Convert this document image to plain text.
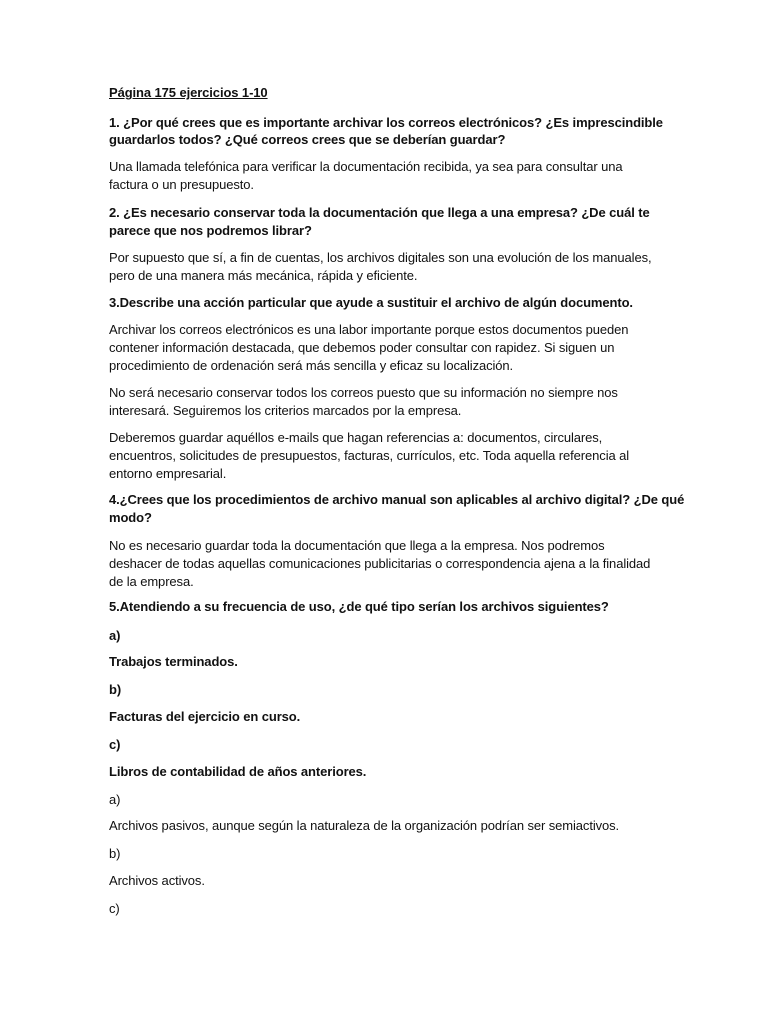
Página 175 ejercicios 1-10
1. ¿Por qué crees que es importante archivar los correos electrónicos? ¿Es imprescindible
guardarlos todos? ¿Qué correos crees que se deberían guardar?
Una llamada telefónica para verificar la documentación recibida, ya sea para consultar una
factura o un presupuesto.
2. ¿Es necesario conservar toda la documentación que llega a una empresa? ¿De cuál te
parece que nos podremos librar?
Por supuesto que sí, a fin de cuentas, los archivos digitales son una evolución de los manuales,
pero de una manera más mecánica, rápida y eficiente.
3.Describe una acción particular que ayude a sustituir el archivo de algún documento.
Archivar los correos electrónicos es una labor importante porque estos documentos pueden
contener información destacada, que debemos poder consultar con rapidez. Si siguen un
procedimiento de ordenación será más sencilla y eficaz su localización.
No será necesario conservar todos los correos puesto que su información no siempre nos
interesará. Seguiremos los criterios marcados por la empresa.
Deberemos guardar aquéllos e-mails que hagan referencias a: documentos, circulares,
encuentros, solicitudes de presupuestos, facturas, currículos, etc. Toda aquella referencia al
entorno empresarial.
4.¿Crees que los procedimientos de archivo manual son aplicables al archivo digital? ¿De qué
modo?
No es necesario guardar toda la documentación que llega a la empresa. Nos podremos
deshacer de todas aquellas comunicaciones publicitarias o correspondencia ajena a la finalidad
de la empresa.
5.Atendiendo a su frecuencia de uso, ¿de qué tipo serían los archivos siguientes?
a)
Trabajos terminados.
b)
Facturas del ejercicio en curso.
c)
Libros de contabilidad de años anteriores.
a)
Archivos pasivos, aunque según la naturaleza de la organización podrían ser semiactivos.
b)
Archivos activos.
c)
